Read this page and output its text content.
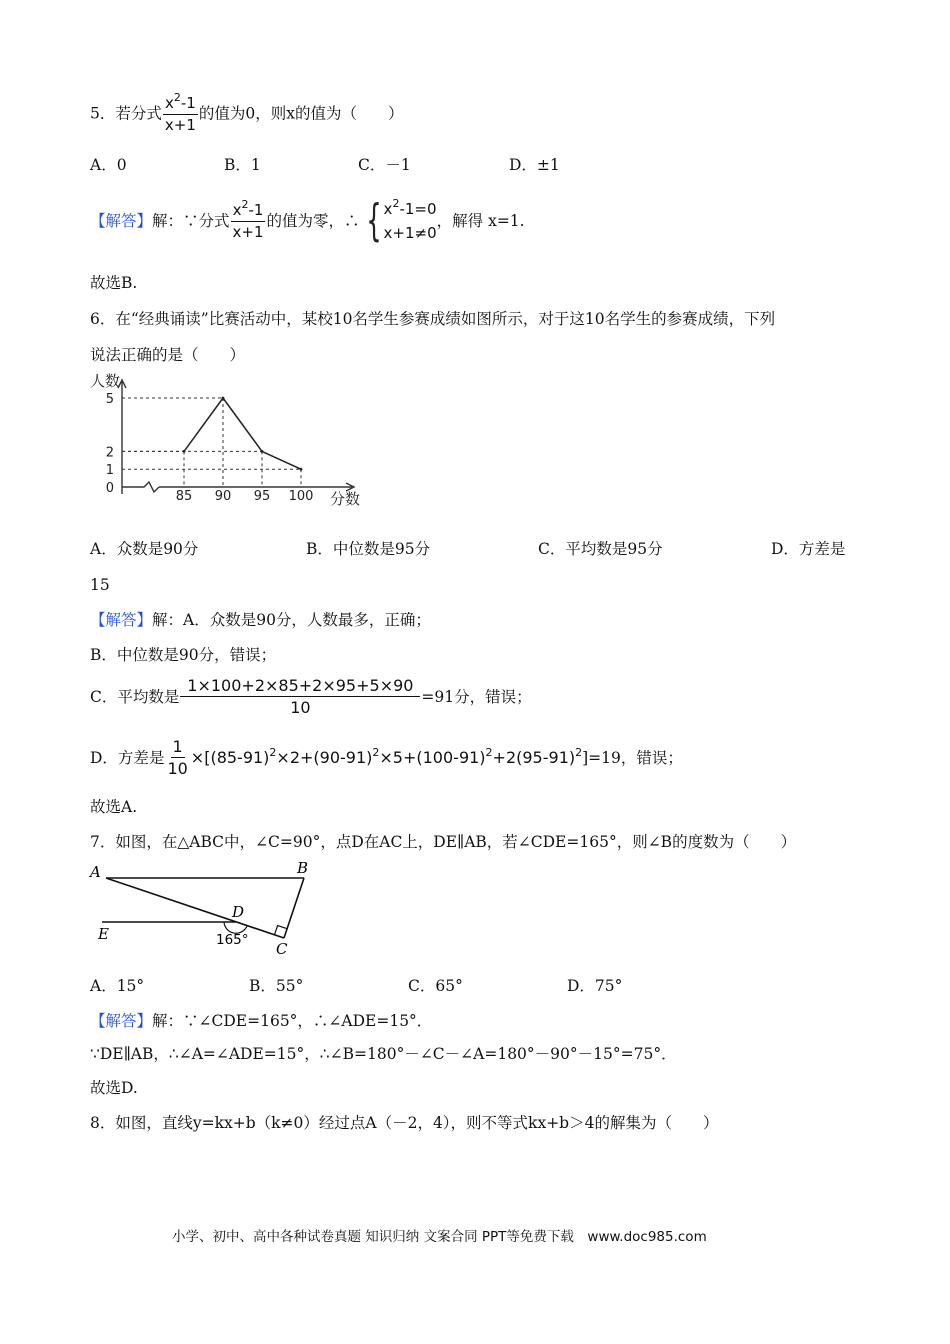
5．若分式 $\frac{x^2-1}{x+1}$ 的值为0，则x的值为（　　）
A．0	B．1	C．－1	D．±1
【解答】 解：∵分式 $\frac{x^2-1}{x+1}$ 的值为零，∴ { $x^2-1=0$
x+1≠0
，解得 x=1.
故选B.
6．在“经典诵读”比赛活动中，某校10名学生参赛成绩如图所示，对于这10名学生的参赛成绩，下列
说法正确的是（　　）
85 90 95 100
5
2
1
0
人数
分数
A．众数是90分	B．中位数是95分	C．平均数是95分	D．方差是
15
【解答】解：A．众数是90分，人数最多，正确；
B．中位数是90分，错误；
C．平均数是 $\frac{1\times 100+2\times 85+2\times 95+5\times 90}{10} =91$分，错误；
D．方差是 $\frac{1}{10} \times[(85-91)^2\times 2+(90-91)^2\times 5+(100-91)^2+2(95-91)^2$ ]=19，错误；
故选A.
7．如图，在△ABC中，∠C=90°，点D在AC上，DE∥AB，若∠CDE=165°，则∠B的度数为（　　）
A	B
C
D
E	165°
A．15°	B．55°	C．65°	D．75°
【解答】解：∵∠CDE=165°，∴∠ADE=15°．
∵DE∥AB，∴∠A=∠ADE=15°，∴∠B=180°－∠C－∠A=180°－90°－15°=75°．
故选D.
8．如图，直线y=kx+b（k≠0）经过点A（－2，4），则不等式kx+b＞4的解集为（　　）
小学、初中、高中各种试卷真题 知识归纳 文案合同 PPT等免费下载　www.doc985.com
